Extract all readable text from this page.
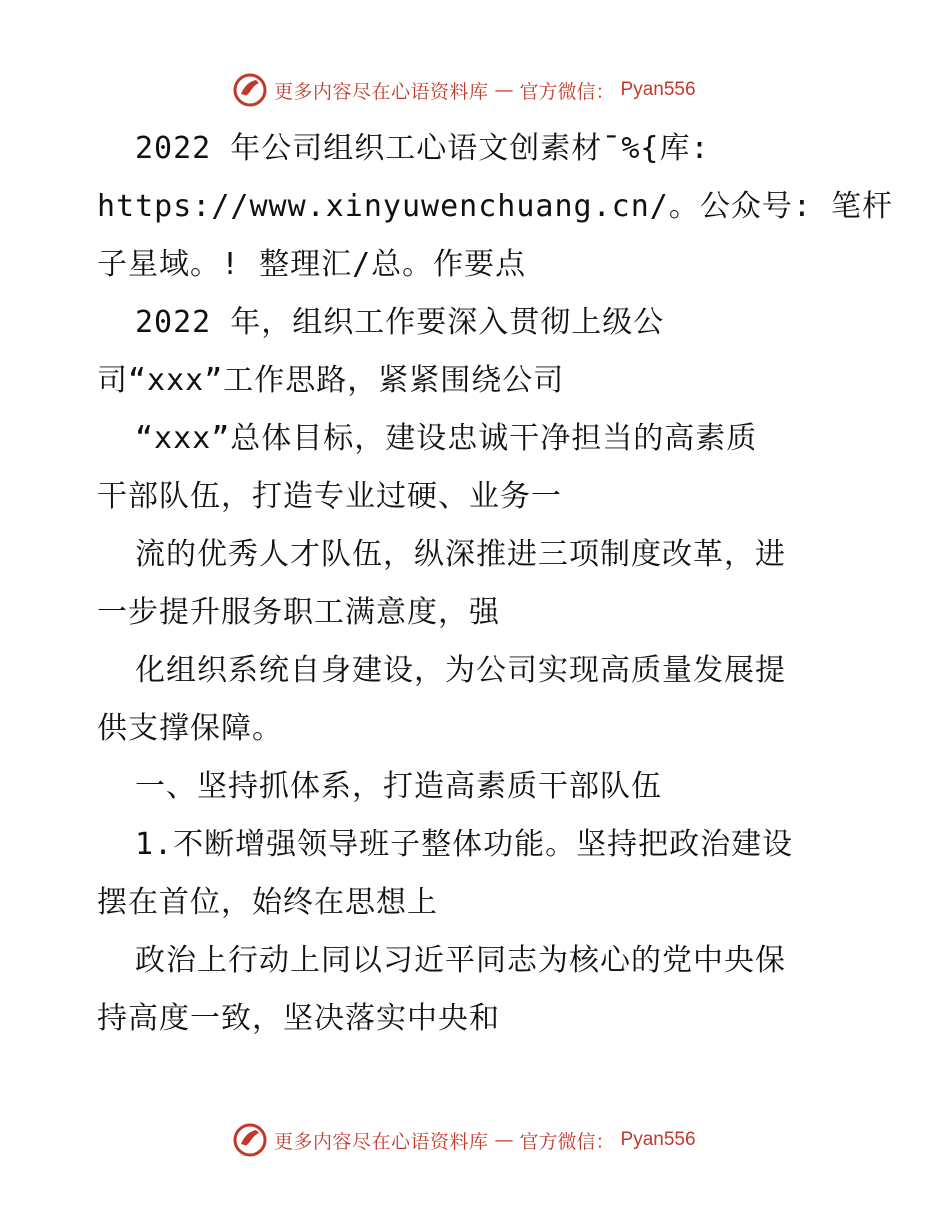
更多内容尽在心语资料库 — 官方微信： Pyan556
2022 年公司组织工心语文创素材¯%{库:
https://www.xinyuwenchuang.cn/。公众号: 笔杆
子星域。! 整理汇/总。作要点
2022 年，组织工作要深入贯彻上级公
司“xxx”工作思路，紧紧围绕公司
“xxx”总体目标，建设忠诚干净担当的高素质
干部队伍，打造专业过硬、业务一
流的优秀人才队伍，纵深推进三项制度改革，进
一步提升服务职工满意度，强
化组织系统自身建设，为公司实现高质量发展提
供支撑保障。
一、坚持抓体系，打造高素质干部队伍
1.不断增强领导班子整体功能。坚持把政治建设
摆在首位，始终在思想上
政治上行动上同以习近平同志为核心的党中央保
持高度一致，坚决落实中央和
更多内容尽在心语资料库 — 官方微信： Pyan556
